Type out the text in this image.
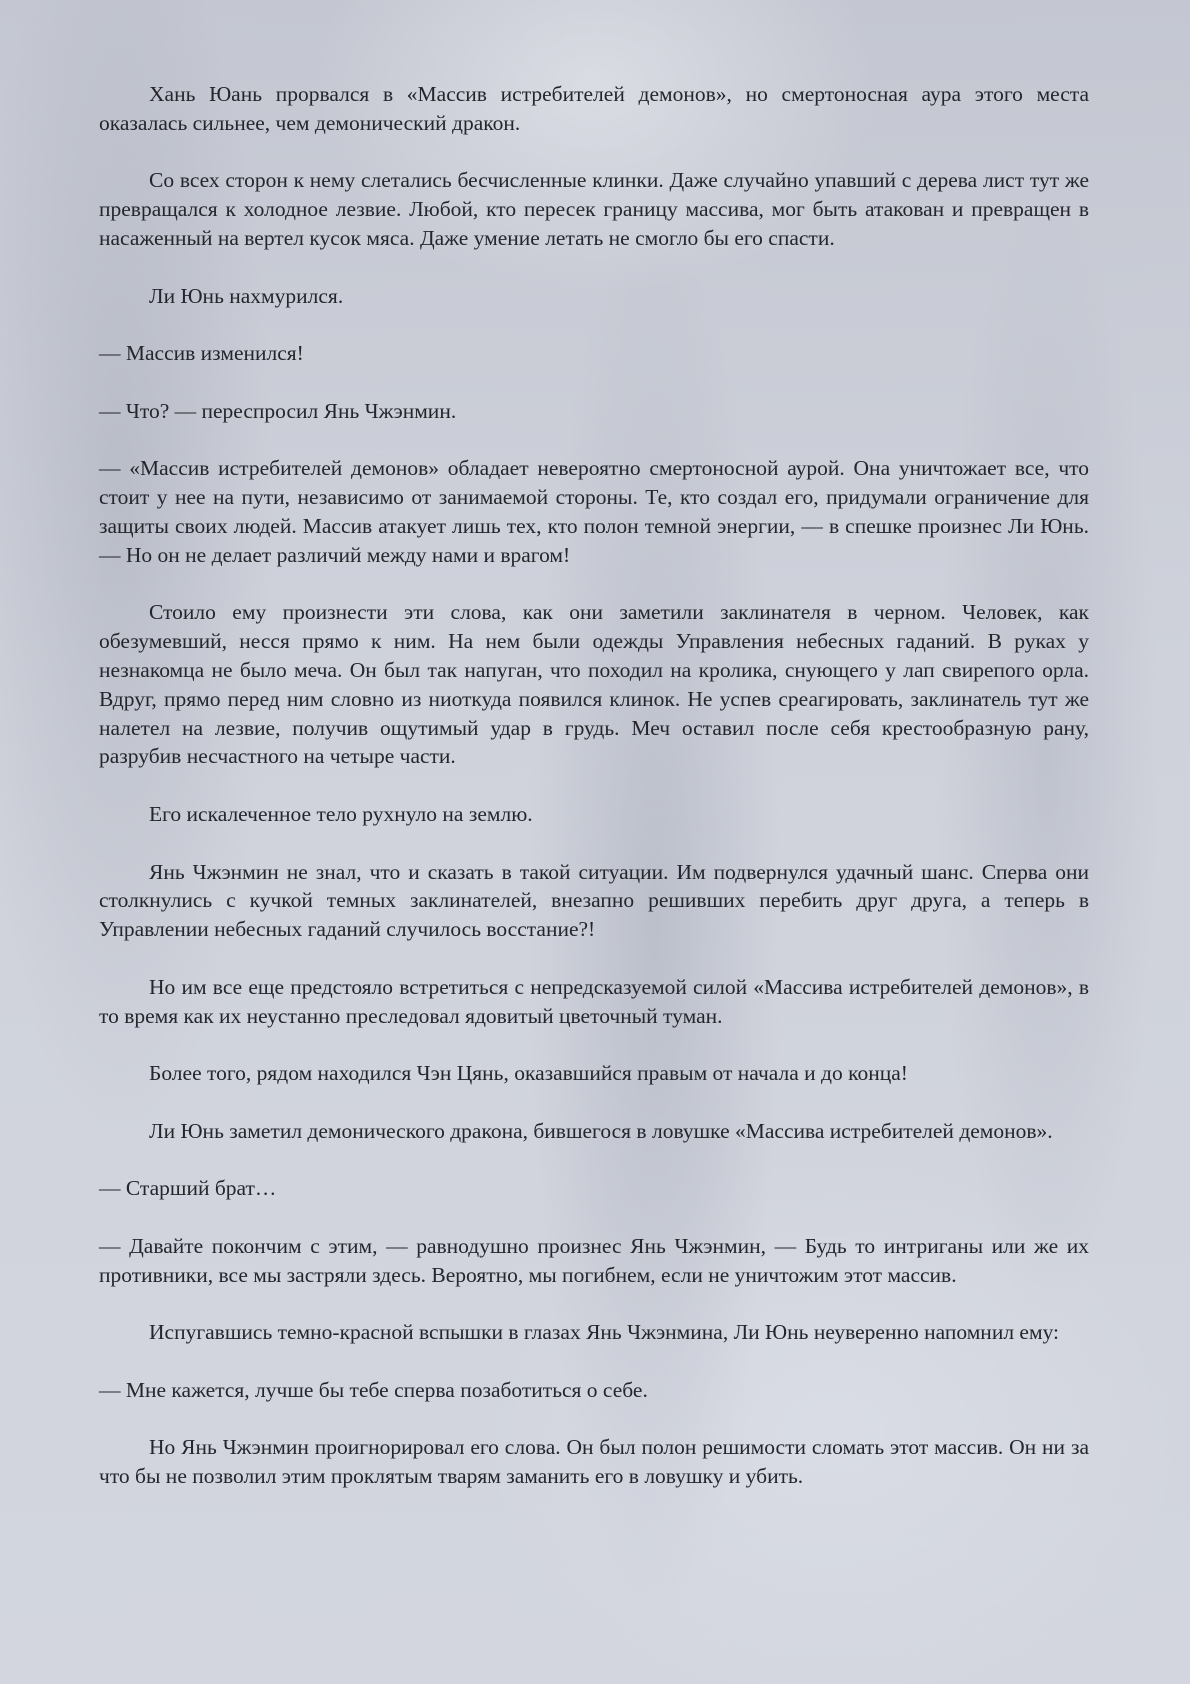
Хань Юань прорвался в «Массив истребителей демонов», но смертоносная аура этого места оказалась сильнее, чем демонический дракон.

Со всех сторон к нему слетались бесчисленные клинки. Даже случайно упавший с дерева лист тут же превращался к холодное лезвие. Любой, кто пересек границу массива, мог быть атакован и превращен в насаженный на вертел кусок мяса. Даже умение летать не смогло бы его спасти.

Ли Юнь нахмурился.

— Массив изменился!

— Что? — переспросил Янь Чжэнмин.

— «Массив истребителей демонов» обладает невероятно смертоносной аурой. Она уничтожает все, что стоит у нее на пути, независимо от занимаемой стороны. Те, кто создал его, придумали ограничение для защиты своих людей. Массив атакует лишь тех, кто полон темной энергии, — в спешке произнес Ли Юнь. — Но он не делает различий между нами и врагом!

Стоило ему произнести эти слова, как они заметили заклинателя в черном. Человек, как обезумевший, несся прямо к ним. На нем были одежды Управления небесных гаданий. В руках у незнакомца не было меча. Он был так напуган, что походил на кролика, снующего у лап свирепого орла. Вдруг, прямо перед ним словно из ниоткуда появился клинок. Не успев среагировать, заклинатель тут же налетел на лезвие, получив ощутимый удар в грудь. Меч оставил после себя крестообразную рану, разрубив несчастного на четыре части.

Его искалеченное тело рухнуло на землю.

Янь Чжэнмин не знал, что и сказать в такой ситуации. Им подвернулся удачный шанс. Сперва они столкнулись с кучкой темных заклинателей, внезапно решивших перебить друг друга, а теперь в Управлении небесных гаданий случилось восстание?!

Но им все еще предстояло встретиться с непредсказуемой силой «Массива истребителей демонов», в то время как их неустанно преследовал ядовитый цветочный туман.

Более того, рядом находился Чэн Цянь, оказавшийся правым от начала и до конца!

Ли Юнь заметил демонического дракона, бившегося в ловушке «Массива истребителей демонов».

— Старший брат…

— Давайте покончим с этим, — равнодушно произнес Янь Чжэнмин, — Будь то интриганы или же их противники, все мы застряли здесь. Вероятно, мы погибнем, если не уничтожим этот массив.

Испугавшись темно-красной вспышки в глазах Янь Чжэнмина, Ли Юнь неуверенно напомнил ему:

— Мне кажется, лучше бы тебе сперва позаботиться о себе.

Но Янь Чжэнмин проигнорировал его слова. Он был полон решимости сломать этот массив. Он ни за что бы не позволил этим проклятым тварям заманить его в ловушку и убить.
